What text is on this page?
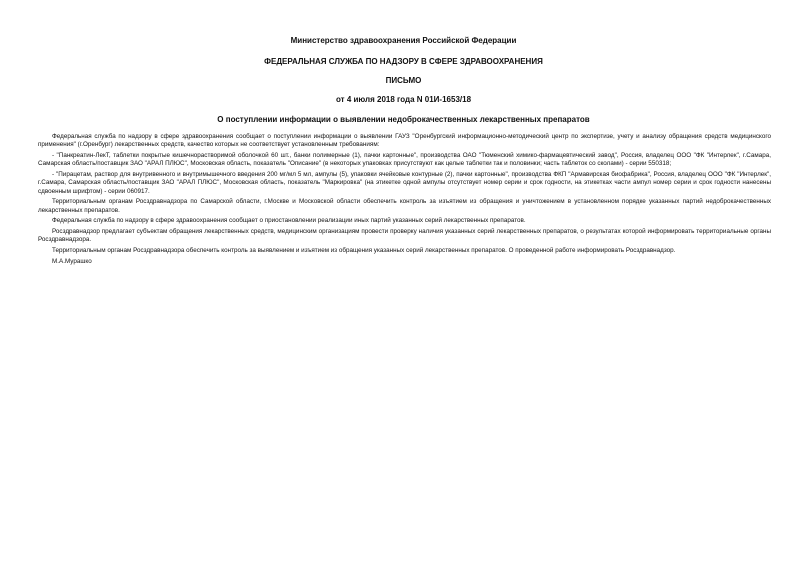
Министерство здравоохранения Российской Федерации
ФЕДЕРАЛЬНАЯ СЛУЖБА ПО НАДЗОРУ В СФЕРЕ ЗДРАВООХРАНЕНИЯ
ПИСЬМО
от 4 июля 2018 года N 01И-1653/18
О поступлении информации о выявлении недоброкачественных лекарственных препаратов

Федеральная служба по надзору в сфере здравоохранения сообщает о поступлении информации о выявлении ГАУЗ "Оренбургский информационно-методический центр по экспертизе, учету и анализу обращения средств медицинского применения" (г.Оренбург) лекарственных средств, качество которых не соответствует установленным требованиям:

- "Панкреатин-ЛекТ, таблетки покрытые кишечнорастворимой оболочкой 60 шт., банки полимерные (1), пачки картонные", производства ОАО "Тюменский химико-фармацевтический завод", Россия, владелец ООО "ФК "Интерлек", г.Самара, Самарская область/поставщик ЗАО "АРАЛ ПЛЮС", Московская область, показатель "Описание" (в некоторых упаковках присутствуют как целые таблетки так и половинки; часть таблеток со сколами) - серии 550318;

- "Пирацетам, раствор для внутривенного и внутримышечного введения 200 мг/мл 5 мл, ампулы (5), упаковки ячейковые контурные (2), пачки картонные", производства ФКП "Армавирская биофабрика", Россия, владелец ООО "ФК "Интерлек", г.Самара, Самарская область/поставщик ЗАО "АРАЛ ПЛЮС", Московская область, показатель "Маркировка" (на этикетке одной ампулы отсутствует номер серии и срок годности, на этикетках части ампул номер серии и срок годности нанесены сдвоенным шрифтом) - серии 060917.

Территориальным органам Росздравнадзора по Самарской области, г.Москве и Московской области обеспечить контроль за изъятием из обращения и уничтожением в установленном порядке указанных партий недоброкачественных лекарственных препаратов.

Федеральная служба по надзору в сфере здравоохранения сообщает о приостановлении реализации иных партий указанных серий лекарственных препаратов.

Росздравнадзор предлагает субъектам обращения лекарственных средств, медицинским организациям провести проверку наличия указанных серий лекарственных препаратов, о результатах которой информировать территориальные органы Росздравнадзора.

Территориальным органам Росздравнадзора обеспечить контроль за выявлением и изъятием из обращения указанных серий лекарственных препаратов. О проведенной работе информировать Росздравнадзор.

М.А.Мурашко
